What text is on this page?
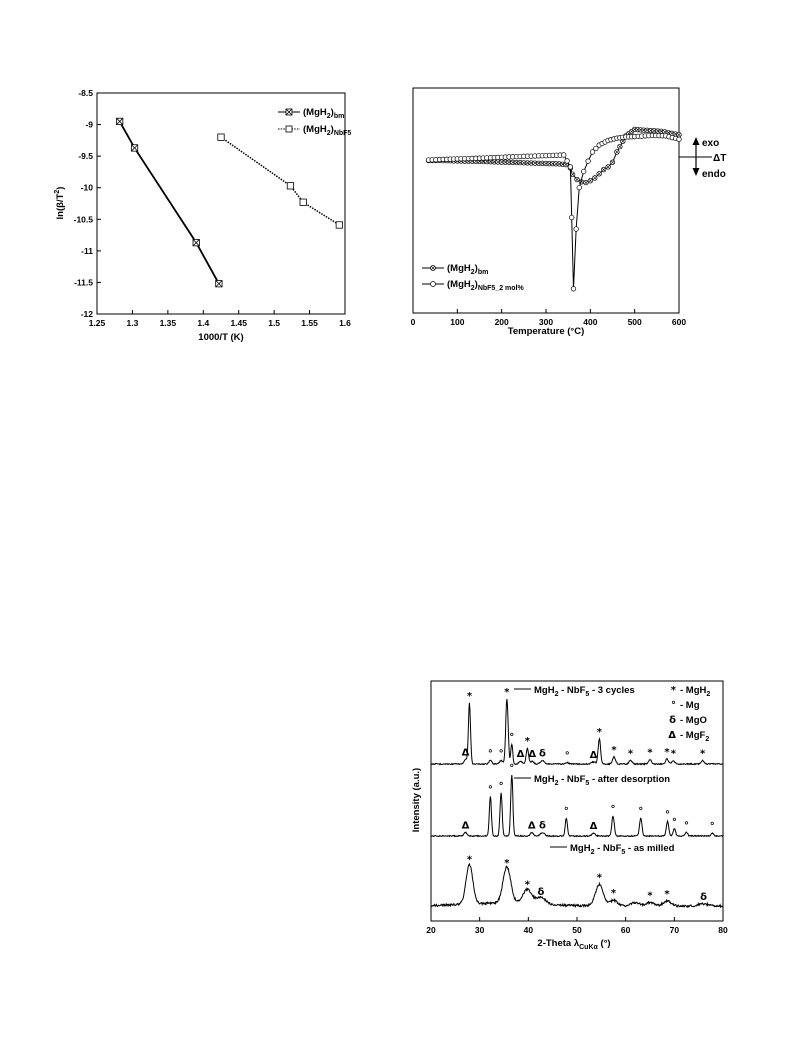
1.25 1.3 1.35 1.4 1.45 1.5 1.55 1.6
-8.5
-9
-9.5
-10
-10.5
-11
-11.5
-12
1000/T (K)
$\ln(\beta/T^2)$
$(MgH_2)_{bm}$
$(MgH_2)_{NbF5}$
0	100	200	300	400	500	600
Temperature (°C)
exo
ΔT
endo
$(MgH_2)_{bm}$
$(MgH_2)_{NbF5\_2 mol\%}$
20	30	40	50	60	70	80
*	*
° *
*
* * * * * *
Δ ° ° Δ Δ δ ° Δ
Δ
° °
°
Δ δ
°
Δ
° ° °
° ° °
*	*
*
δ
*
*	* *	δ
MgH$_2$ - NbF$_5$ - 3 cycles
MgH$_2$ - NbF$_5$ - after desorption
MgH$_2$ - NbF$_5$ - as milled
* - MgH$_2$
° - Mg
δ - MgO
Δ - MgF$_2$
2-Theta $\lambda_{CuK\alpha}$ (°)
Intensity (a.u.)
